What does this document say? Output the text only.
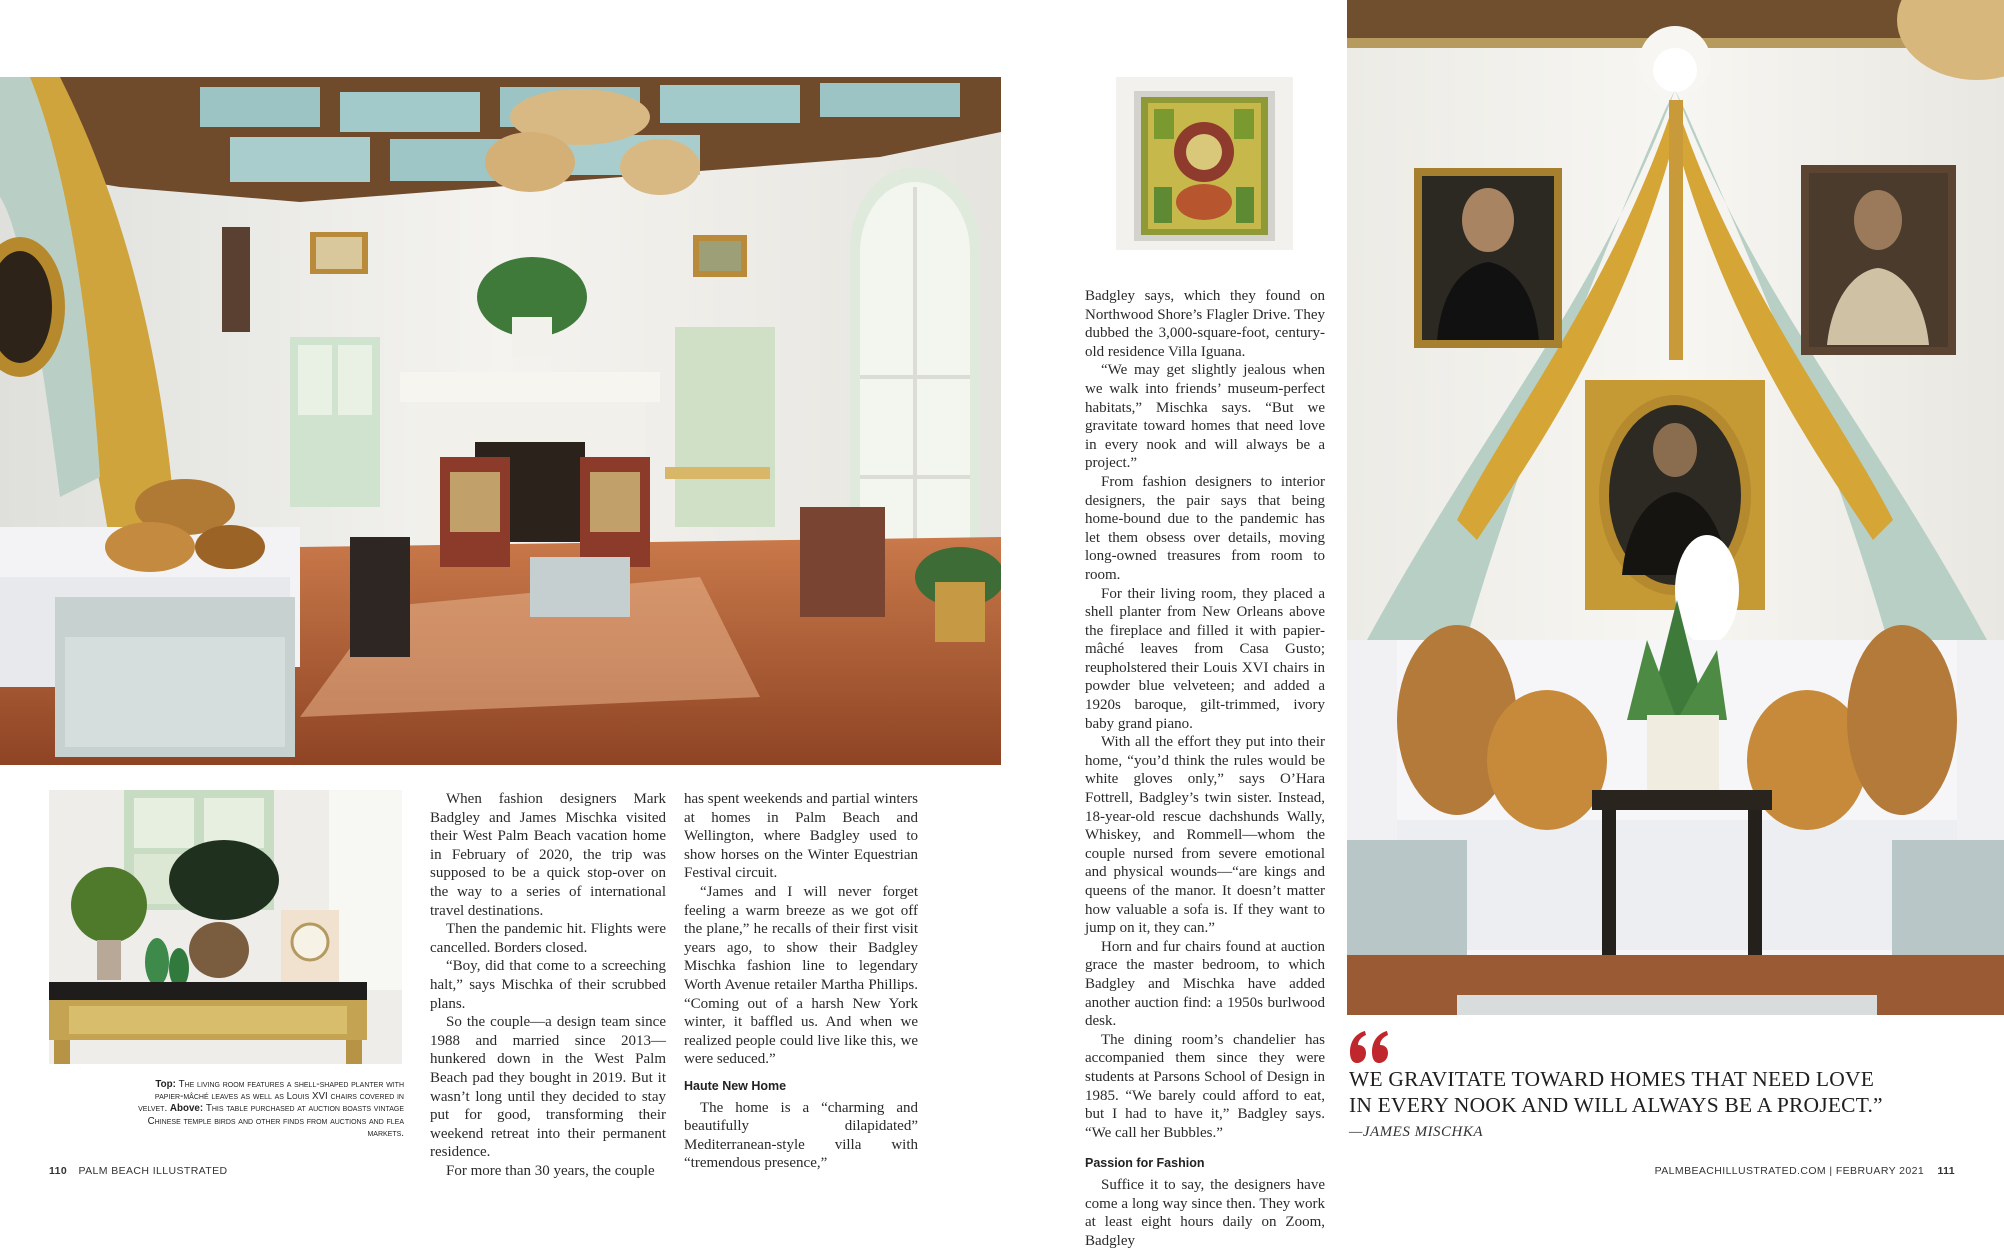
When fashion designers Mark Badgley and James Mischka visited their West Palm Beach vacation home in February of 2020, the trip was supposed to be a quick stop-over on the way to a series of international travel destinations.

Then the pandemic hit. Flights were cancelled. Borders closed.

“Boy, did that come to a screeching halt,” says Mischka of their scrubbed plans.

So the couple—a design team since 1988 and married since 2013—hunkered down in the West Palm Beach pad they bought in 2019. But it wasn’t long until they decided to stay put for good, transforming their weekend retreat into their permanent residence.

For more than 30 years, the couple

has spent weekends and partial winters at homes in Palm Beach and Wellington, where Badgley used to show horses on the Winter Equestrian Festival circuit.

“James and I will never forget feeling a warm breeze as we got off the plane,” he recalls of their first visit years ago, to show their Badgley Mischka fashion line to legendary Worth Avenue retailer Martha Phillips. “Coming out of a harsh New York winter, it baffled us. And when we realized people could live like this, we were seduced.”

Haute New Home

The home is a “charming and beautifully dilapidated” Mediterranean-style villa with “tremendous presence,”

Badgley says, which they found on Northwood Shore’s Flagler Drive. They dubbed the 3,000-square-foot, century-old residence Villa Iguana.

“We may get slightly jealous when we walk into friends’ museum-perfect habitats,” Mischka says. “But we gravitate toward homes that need love in every nook and will always be a project.”

From fashion designers to interior designers, the pair says that being home-bound due to the pandemic has let them obsess over details, moving long-owned treasures from room to room.

For their living room, they placed a shell planter from New Orleans above the fireplace and filled it with papier-mâché leaves from Casa Gusto; reupholstered their Louis XVI chairs in powder blue velveteen; and added a 1920s baroque, gilt-trimmed, ivory baby grand piano.

With all the effort they put into their home, “you’d think the rules would be white gloves only,” says O’Hara Fottrell, Badgley’s twin sister. Instead, 18-year-old rescue dachshunds Wally, Whiskey, and Rommell—whom the couple nursed from severe emotional and physical wounds—“are kings and queens of the manor. It doesn’t matter how valuable a sofa is. If they want to jump on it, they can.”

Horn and fur chairs found at auction grace the master bedroom, to which Badgley and Mischka have added another auction find: a 1950s burlwood desk.

The dining room’s chandelier has accompanied them since they were students at Parsons School of Design in 1985. “We barely could afford to eat, but I had to have it,” Badgley says. “We call her Bubbles.”

Passion for Fashion

Suffice it to say, the designers have come a long way since then. They work at least eight hours daily on Zoom, Badgley

Top: The living room features a shell-shaped planter with papier-mâché leaves as well as Louis XVI chairs covered in velvet. Above: This table purchased at auction boasts vintage Chinese temple birds and other finds from auctions and flea markets.
WE GRAVITATE TOWARD HOMES THAT NEED LOVE
IN EVERY NOOK AND WILL ALWAYS BE A PROJECT.”
—JAMES MISCHKA
110 PALM BEACH ILLUSTRATED	PALMBEACHILLUSTRATED.COM | FEBRUARY 2021 111
